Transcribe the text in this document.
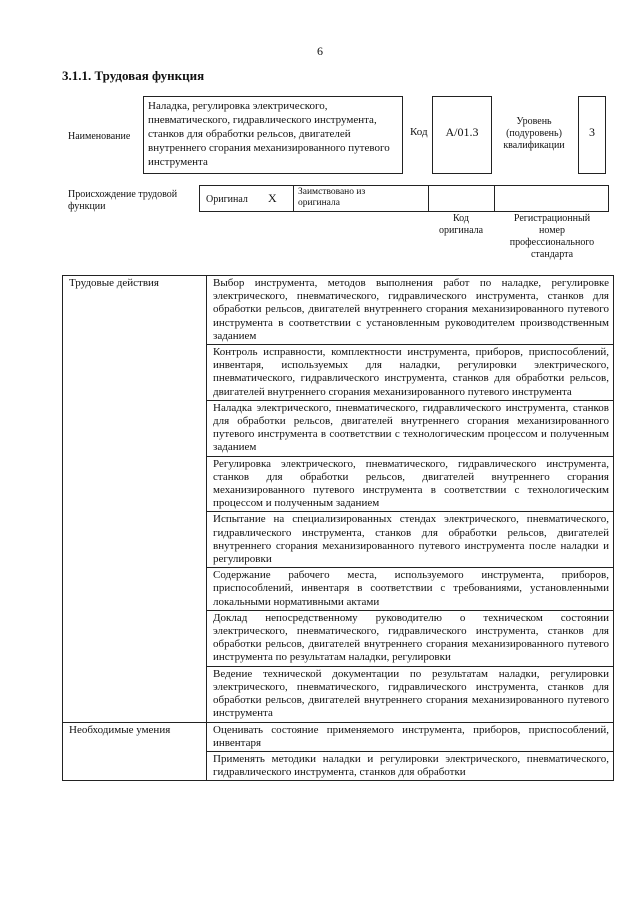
6
3.1.1. Трудовая функция
Наименование
Наладка, регулировка электрического, пневматического, гидравлического инструмента, станков для обработки рельсов, двигателей внутреннего сгорания механизированного путевого инструмента
Код	A/01.3
Уровень (подуровень) квалификации
3
Происхождение трудовой функции
Оригинал X Заимствовано из оригинала
Код оригинала
Регистрационный номер профессионального стандарта
Трудовые действия	Выбор инструмента, методов выполнения работ по наладке, регулировке электрического, пневматического, гидравлического инструмента, станков для обработки рельсов, двигателей внутреннего сгорания механизированного путевого инструмента в соответствии с установленным руководителем производственным заданием
	Контроль исправности, комплектности инструмента, приборов, приспособлений, инвентаря, используемых для наладки, регулировки электрического, пневматического, гидравлического инструмента, станков для обработки рельсов, двигателей внутреннего сгорания механизированного путевого инструмента
	Наладка электрического, пневматического, гидравлического инструмента, станков для обработки рельсов, двигателей внутреннего сгорания механизированного путевого инструмента в соответствии с технологическим процессом и полученным заданием
	Регулировка электрического, пневматического, гидравлического инструмента, станков для обработки рельсов, двигателей внутреннего сгорания механизированного путевого инструмента в соответствии с технологическим процессом и полученным заданием
	Испытание на специализированных стендах электрического, пневматического, гидравлического инструмента, станков для обработки рельсов, двигателей внутреннего сгорания механизированного путевого инструмента после наладки и регулировки
	Содержание рабочего места, используемого инструмента, приборов, приспособлений, инвентаря в соответствии с требованиями, установленными локальными нормативными актами
	Доклад непосредственному руководителю о техническом состоянии электрического, пневматического, гидравлического инструмента, станков для обработки рельсов, двигателей внутреннего сгорания механизированного путевого инструмента по результатам наладки, регулировки
	Ведение технической документации по результатам наладки, регулировки электрического, пневматического, гидравлического инструмента, станков для обработки рельсов, двигателей внутреннего сгорания механизированного путевого инструмента
Необходимые умения	Оценивать состояние применяемого инструмента, приборов, приспособлений, инвентаря
	Применять методики наладки и регулировки электрического, пневматического, гидравлического инструмента, станков для обработки
